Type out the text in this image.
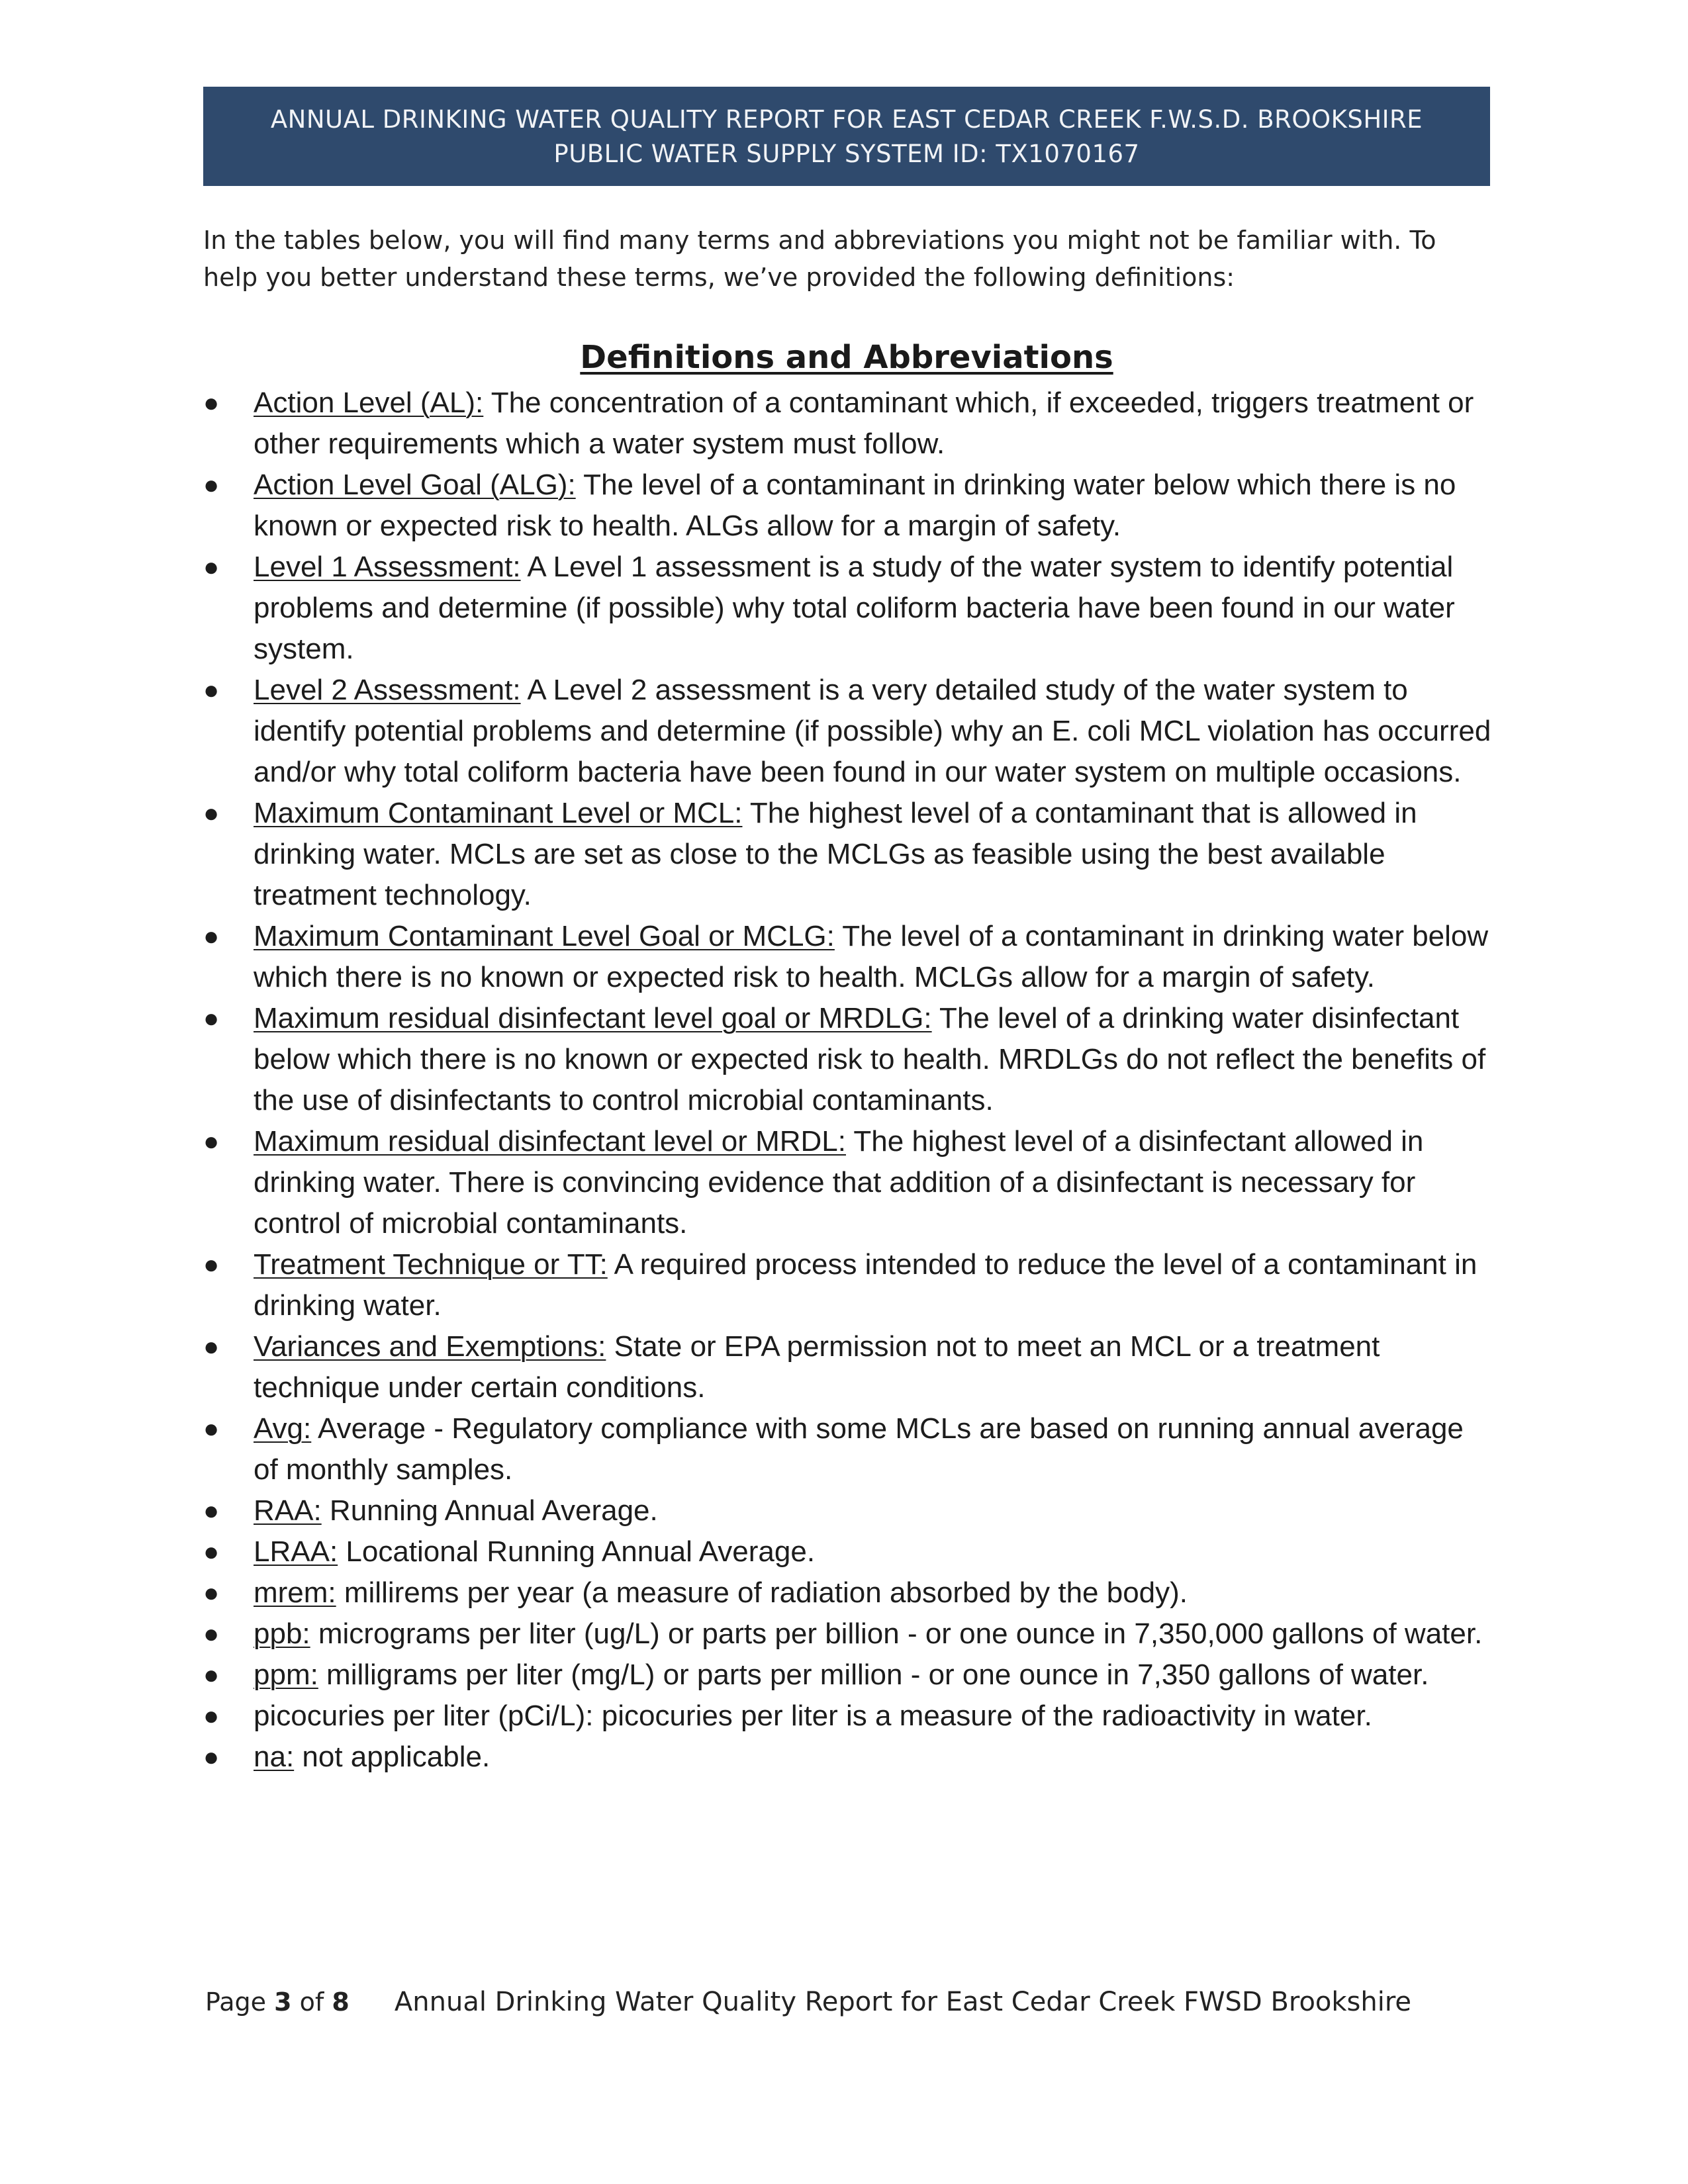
ANNUAL DRINKING WATER QUALITY REPORT FOR EAST CEDAR CREEK F.W.S.D. BROOKSHIRE
PUBLIC WATER SUPPLY SYSTEM ID: TX1070167
In the tables below, you will find many terms and abbreviations you might not be familiar with. To help you better understand these terms, we’ve provided the following definitions:
Definitions and Abbreviations
●	Action Level (AL): The concentration of a contaminant which, if exceeded, triggers treatment or other requirements which a water system must follow.
●	Action Level Goal (ALG): The level of a contaminant in drinking water below which there is no known or expected risk to health. ALGs allow for a margin of safety.
●	Level 1 Assessment: A Level 1 assessment is a study of the water system to identify potential problems and determine (if possible) why total coliform bacteria have been found in our water system.
●	Level 2 Assessment: A Level 2 assessment is a very detailed study of the water system to identify potential problems and determine (if possible) why an E. coli MCL violation has occurred and/or why total coliform bacteria have been found in our water system on multiple occasions.
●	Maximum Contaminant Level or MCL: The highest level of a contaminant that is allowed in drinking water. MCLs are set as close to the MCLGs as feasible using the best available treatment technology.
●	Maximum Contaminant Level Goal or MCLG: The level of a contaminant in drinking water below which there is no known or expected risk to health. MCLGs allow for a margin of safety.
●	Maximum residual disinfectant level goal or MRDLG: The level of a drinking water disinfectant below which there is no known or expected risk to health. MRDLGs do not reflect the benefits of the use of disinfectants to control microbial contaminants.
●	Maximum residual disinfectant level or MRDL: The highest level of a disinfectant allowed in drinking water. There is convincing evidence that addition of a disinfectant is necessary for control of microbial contaminants.
●	Treatment Technique or TT: A required process intended to reduce the level of a contaminant in drinking water.
●	Variances and Exemptions: State or EPA permission not to meet an MCL or a treatment technique under certain conditions.
●	Avg: Average - Regulatory compliance with some MCLs are based on running annual average of monthly samples.
●	RAA: Running Annual Average.
●	LRAA: Locational Running Annual Average.
●	mrem: millirems per year (a measure of radiation absorbed by the body).
●	ppb: micrograms per liter (ug/L) or parts per billion - or one ounce in 7,350,000 gallons of water.
●	ppm: milligrams per liter (mg/L) or parts per million - or one ounce in 7,350 gallons of water.
●	picocuries per liter (pCi/L): picocuries per liter is a measure of the radioactivity in water.
●	na: not applicable.
Page 3 of 8 Annual Drinking Water Quality Report for East Cedar Creek FWSD Brookshire
